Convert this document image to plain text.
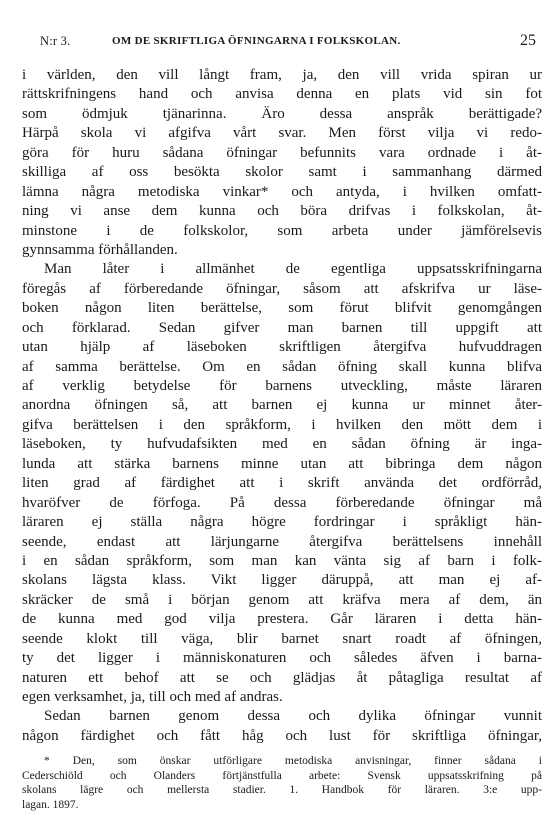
N:r 3.	OM DE SKRIFTLIGA ÖFNINGARNA I FOLKSKOLAN.	25
i världen, den vill långt fram, ja, den vill vrida spiran ur
rättskrifningens hand och anvisa denna en plats vid sin fot
som ödmjuk tjänarinna. Äro dessa anspråk berättigade?
Härpå skola vi afgifva vårt svar. Men först vilja vi redo-
göra för huru sådana öfningar befunnits vara ordnade i åt-
skilliga af oss besökta skolor samt i sammanhang därmed
lämna några metodiska vinkar* och antyda, i hvilken omfatt-
ning vi anse dem kunna och böra drifvas i folkskolan, åt-
minstone i de folkskolor, som arbeta under jämförelsevis
gynnsamma förhållanden.
Man låter i allmänhet de egentliga uppsatsskrifningarna
föregås af förberedande öfningar, såsom att afskrifva ur läse-
boken någon liten berättelse, som förut blifvit genomgången
och förklarad. Sedan gifver man barnen till uppgift att
utan hjälp af läseboken skriftligen återgifva hufvuddragen
af samma berättelse. Om en sådan öfning skall kunna blifva
af verklig betydelse för barnens utveckling, måste läraren
anordna öfningen så, att barnen ej kunna ur minnet åter-
gifva berättelsen i den språkform, i hvilken den mött dem i
läseboken, ty hufvudafsikten med en sådan öfning är inga-
lunda att stärka barnens minne utan att bibringa dem någon
liten grad af färdighet att i skrift använda det ordförråd,
hvaröfver de förfoga. På dessa förberedande öfningar må
läraren ej ställa några högre fordringar i språkligt hän-
seende, endast att lärjungarne återgifva berättelsens innehåll
i en sådan språkform, som man kan vänta sig af barn i folk-
skolans lägsta klass. Vikt ligger däruppå, att man ej af-
skräcker de små i början genom att kräfva mera af dem, än
de kunna med god vilja prestera. Går läraren i detta hän-
seende klokt till väga, blir barnet snart roadt af öfningen,
ty det ligger i människonaturen och således äfven i barna-
naturen ett behof att se och glädjas åt påtagliga resultat af
egen verksamhet, ja, till och med af andras.
Sedan barnen genom dessa och dylika öfningar vunnit
någon färdighet och fått håg och lust för skriftliga öfningar,
* Den, som önskar utförligare metodiska anvisningar, finner sådana i
Cederschiöld och Olanders förtjänstfulla arbete: Svensk uppsatsskrifning på
skolans lägre och mellersta stadier. 1. Handbok för läraren. 3:e upp-
lagan. 1897.
